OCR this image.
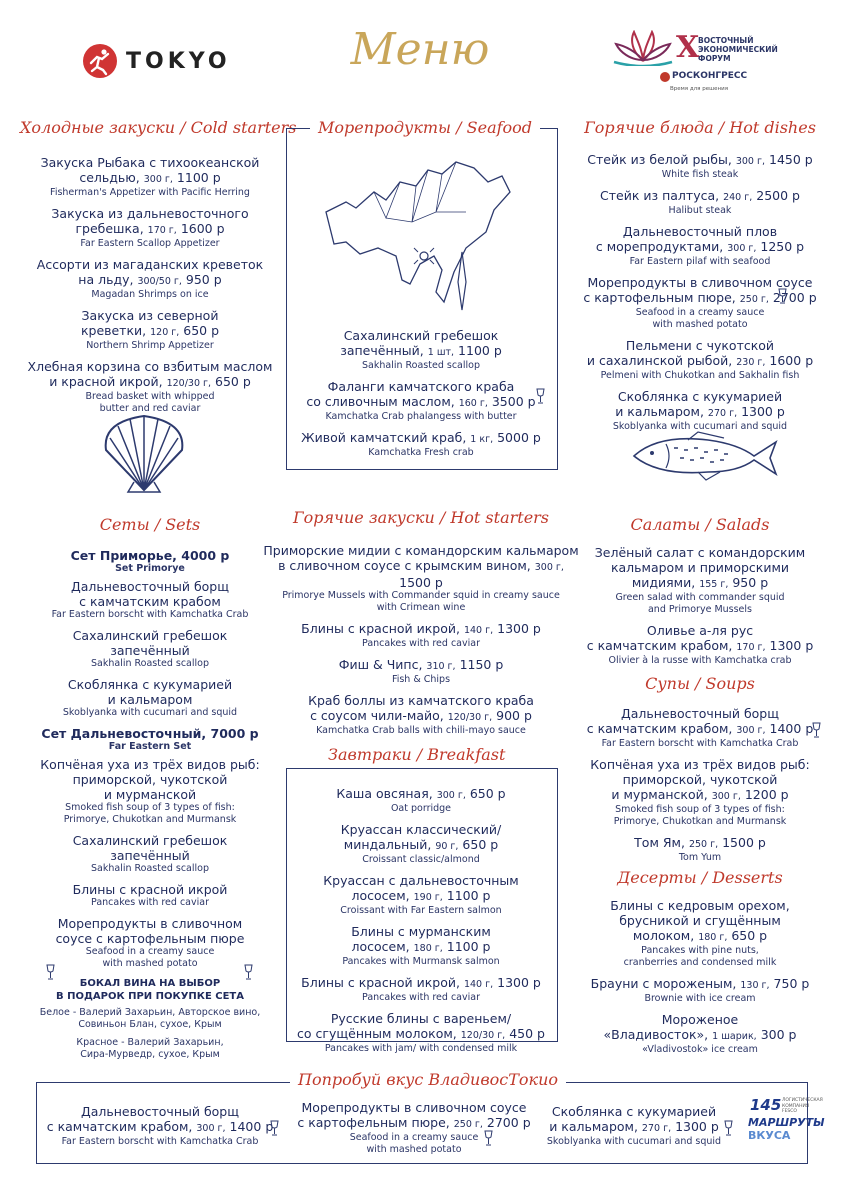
TOKYO	Меню	X
ВОСТОЧНЫЙ
ЭКОНОМИЧЕСКИЙ
ФОРУМ
РОСКОНГРЕСС
Время для решения
Холодные закуски / Cold starters
Закуска Рыбака с тихоокеанской
сельдью, 300 г, 1100 р
Fisherman's Appetizer with Pacific Herring
Закуска из дальневосточного
гребешка, 170 г, 1600 р
Far Eastern Scallop Appetizer
Ассорти из магаданских креветок
на льду, 300/50 г, 950 р
Magadan Shrimps on ice
Закуска из северной
креветки, 120 г, 650 р
Northern Shrimp Appetizer
Хлебная корзина со взбитым маслом
и красной икрой, 120/30 г, 650 р
Bread basket with whipped
butter and red caviar
Морепродукты / Seafood
Сахалинский гребешок
запечённый, 1 шт, 1100 р
Sakhalin Roasted scallop
Фаланги камчатского краба
со сливочным маслом, 160 г, 3500 р
Kamchatka Crab phalangess with butter
Живой камчатский краб, 1 кг, 5000 р
Kamchatka Fresh crab
Горячие блюда / Hot dishes
Стейк из белой рыбы, 300 г, 1450 р
White fish steak
Стейк из палтуса, 240 г, 2500 р
Halibut steak
Дальневосточный плов
с морепродуктами, 300 г, 1250 р
Far Eastern pilaf with seafood
Морепродукты в сливочном соусе
с картофельным пюре, 250 г, 2700 р
Seafood in a creamy sauce
with mashed potato
Пельмени с чукотской
и сахалинской рыбой, 230 г, 1600 р
Pelmeni with Chukotkan and Sakhalin fish
Скоблянка с кукумарией
и кальмаром, 270 г, 1300 р
Skoblyanka with cucumari and squid
Сеты / Sets
Сет Приморье, 4000 р
Set Primorye
Дальневосточный борщ
с камчатским крабом
Far Eastern borscht with Kamchatka Crab
Сахалинский гребешок
запечённый
Sakhalin Roasted scallop
Скоблянка с кукумарией
и кальмаром
Skoblyanka with cucumari and squid
Сет Дальневосточный, 7000 р
Far Eastern Set
Копчёная уха из трёх видов рыб:
приморской, чукотской
и мурманской
Smoked fish soup of 3 types of fish:
Primorye, Chukotkan and Murmansk
Сахалинский гребешок
запечённый
Sakhalin Roasted scallop
Блины с красной икрой
Pancakes with red caviar
Морепродукты в сливочном
соусе с картофельным пюре
Seafood in a creamy sauce
with mashed potato
БОКАЛ ВИНА НА ВЫБОР
В ПОДАРОК ПРИ ПОКУПКЕ СЕТА
Белое - Валерий Захарьин, Авторское вино,
Совиньон Блан, сухое, Крым
Красное - Валерий Захарьин,
Сира-Мурведр, сухое, Крым
Горячие закуски / Hot starters
Приморские мидии с командорским кальмаром
в сливочном соусе с крымским вином, 300 г, 1500 р
Primorye Mussels with Commander squid in creamy sauce
with Crimean wine
Блины с красной икрой, 140 г, 1300 р
Pancakes with red caviar
Фиш & Чипс, 310 г, 1150 р
Fish & Chips
Краб боллы из камчатского краба
с соусом чили-майо, 120/30 г, 900 р
Kamchatka Crab balls with chili-mayo sauce
Завтраки / Breakfast
Каша овсяная, 300 г, 650 р
Oat porridge
Круассан классический/
миндальный, 90 г, 650 р
Croissant classic/almond
Круассан с дальневосточным
лососем, 190 г, 1100 р
Croissant with Far Eastern salmon
Блины с мурманским
лососем, 180 г, 1100 р
Pancakes with Murmansk salmon
Блины с красной икрой, 140 г, 1300 р
Pancakes with red caviar
Русские блины с вареньем/
со сгущённым молоком, 120/30 г, 450 р
Pancakes with jam/ with condensed milk
Салаты / Salads
Зелёный салат с командорским
кальмаром и приморскими
мидиями, 155 г, 950 р
Green salad with commander squid
and Primorye Mussels
Оливье а-ля рус
с камчатским крабом, 170 г, 1300 р
Olivier à la russe with Kamchatka crab
Супы / Soups
Дальневосточный борщ
с камчатским крабом, 300 г, 1400 р
Far Eastern borscht with Kamchatka Crab
Копчёная уха из трёх видов рыб:
приморской, чукотской
и мурманской, 300 г, 1200 р
Smoked fish soup of 3 types of fish:
Primorye, Chukotkan and Murmansk
Том Ям, 250 г, 1500 р
Tom Yum
Десерты / Desserts
Блины с кедровым орехом,
брусникой и сгущённым
молоком, 180 г, 650 р
Pancakes with pine nuts,
cranberries and condensed milk
Брауни с мороженым, 130 г, 750 р
Brownie with ice cream
Мороженое
«Владивосток», 1 шарик, 300 р
«Vladivostok» ice cream
Попробуй вкус ВладивосТокио
Дальневосточный борщ
с камчатским крабом, 300 г, 1400 р
Far Eastern borscht with Kamchatka Crab
Морепродукты в сливочном соусе
с картофельным пюре, 250 г, 2700 р
Seafood in a creamy sauce
with mashed potato
Скоблянка с кукумарией
и кальмаром, 270 г, 1300 р
Skoblyanka with cucumari and squid
145 ЛОГИСТИЧЕСКАЯ
КОМПАНИЯ
FESCO
МАРШРУТЫ
ВКУСА
